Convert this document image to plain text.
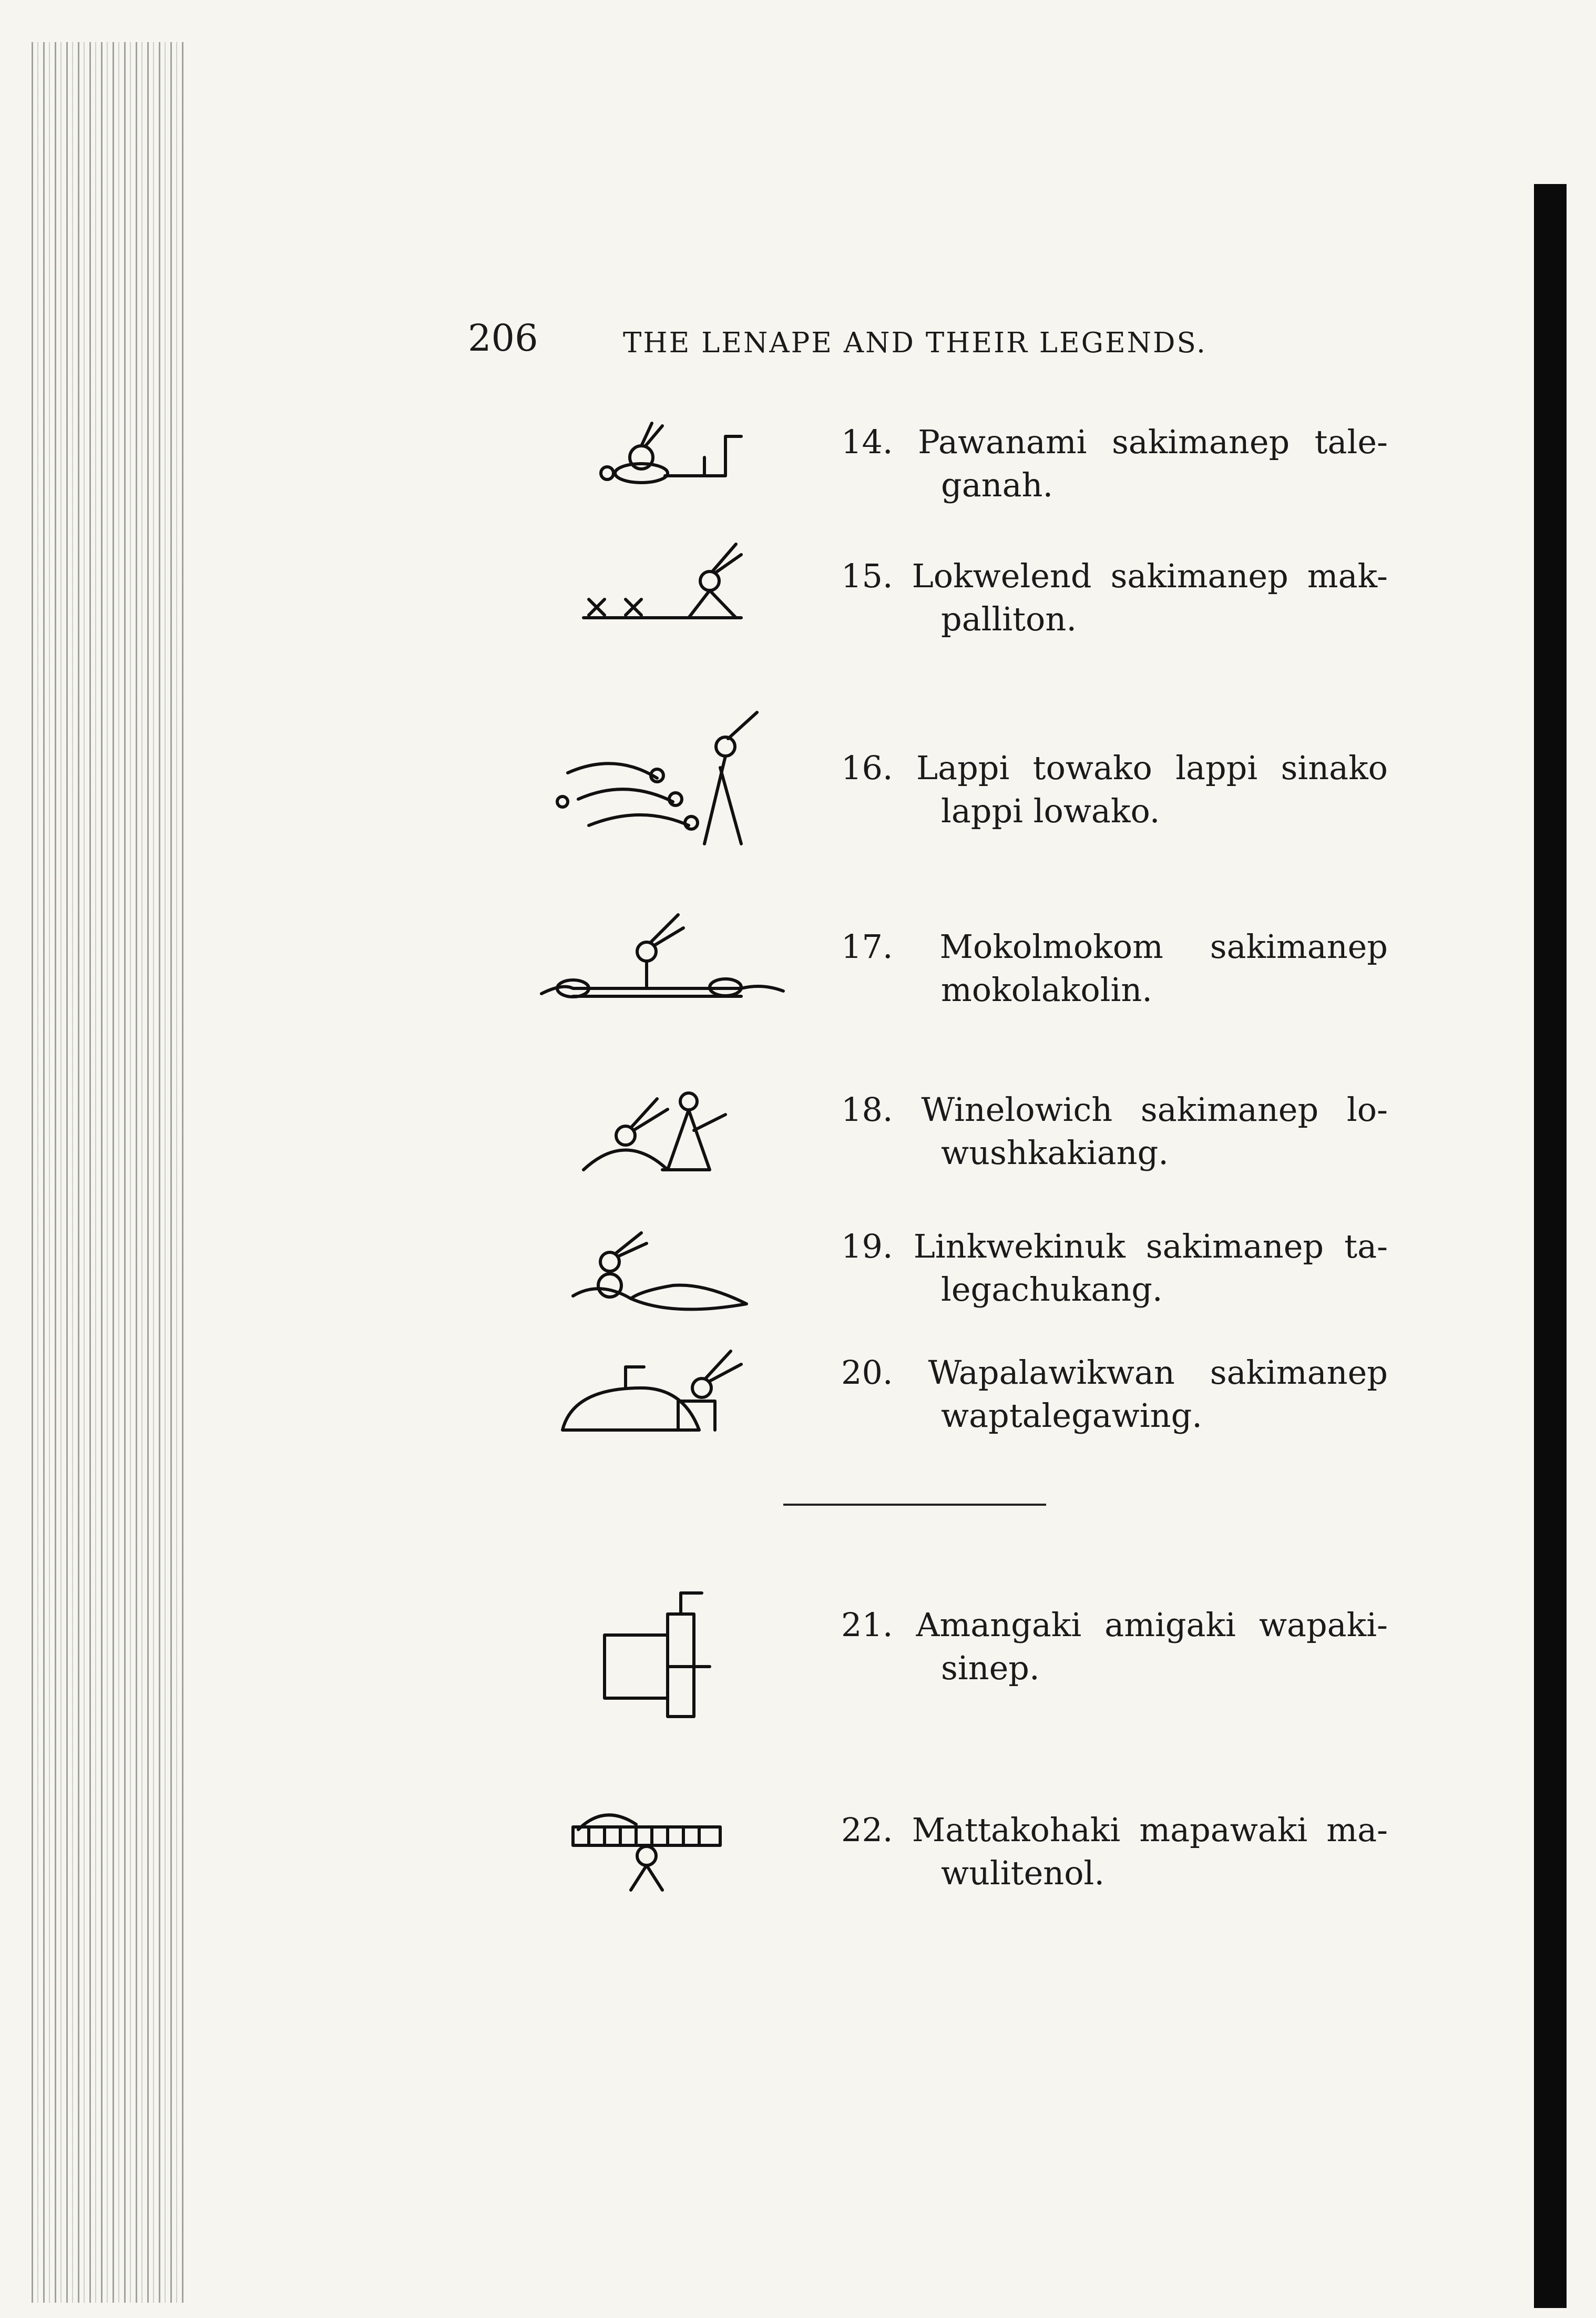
206	THE LENAPE AND THEIR LEGENDS.
14. Pawanami sakimanep tale-
ganah.
15. Lokwelend sakimanep mak-
palliton.
16. Lappi towako lappi sinako
lappi lowako.
17. Mokolmokom sakimanep
mokolakolin.
18. Winelowich sakimanep lo-
wushkakiang.
19. Linkwekinuk sakimanep ta-
legachukang.
20. Wapalawikwan sakimanep
waptalegawing.
21. Amangaki amigaki wapaki-
sinep.
22. Mattakohaki mapawaki ma-
wulitenol.
